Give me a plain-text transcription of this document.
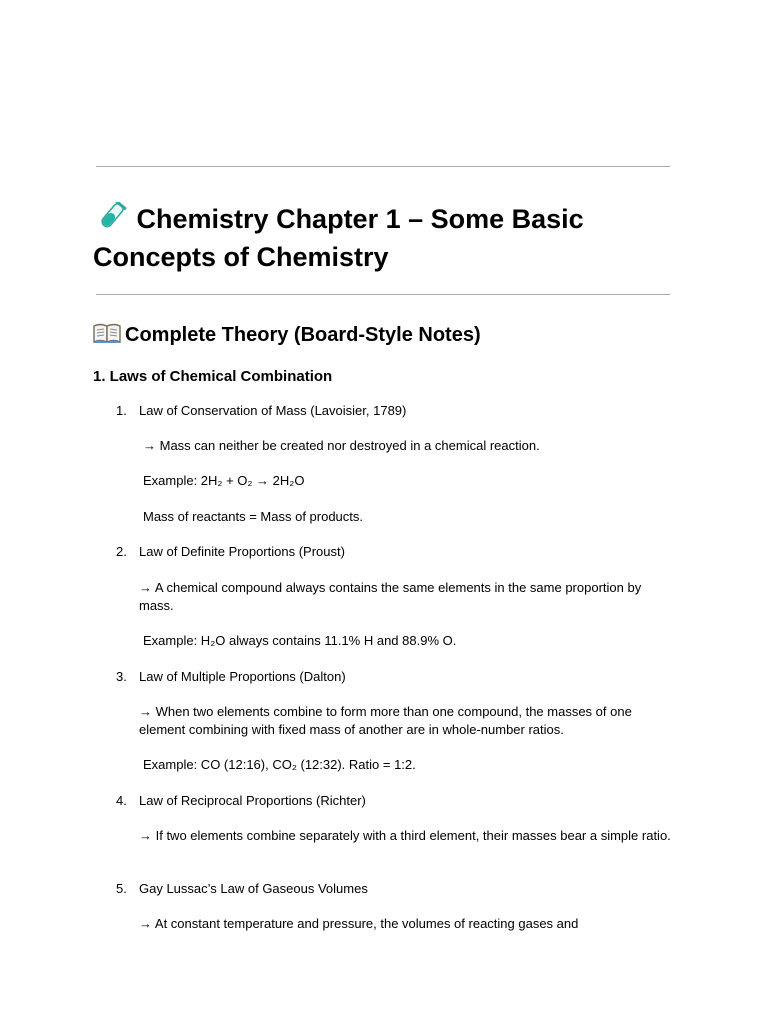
Chemistry Chapter 1 – Some Basic Concepts of Chemistry
Complete Theory (Board-Style Notes)
1. Laws of Chemical Combination
1. Law of Conservation of Mass (Lavoisier, 1789)
→ Mass can neither be created nor destroyed in a chemical reaction.
Example: 2H₂ + O₂ → 2H₂O
Mass of reactants = Mass of products.
2. Law of Definite Proportions (Proust)
→ A chemical compound always contains the same elements in the same proportion by mass.
Example: H₂O always contains 11.1% H and 88.9% O.
3. Law of Multiple Proportions (Dalton)
→ When two elements combine to form more than one compound, the masses of one element combining with fixed mass of another are in whole-number ratios.
Example: CO (12:16), CO₂ (12:32). Ratio = 1:2.
4. Law of Reciprocal Proportions (Richter)
→ If two elements combine separately with a third element, their masses bear a simple ratio.
5. Gay Lussac’s Law of Gaseous Volumes
→ At constant temperature and pressure, the volumes of reacting gases and
